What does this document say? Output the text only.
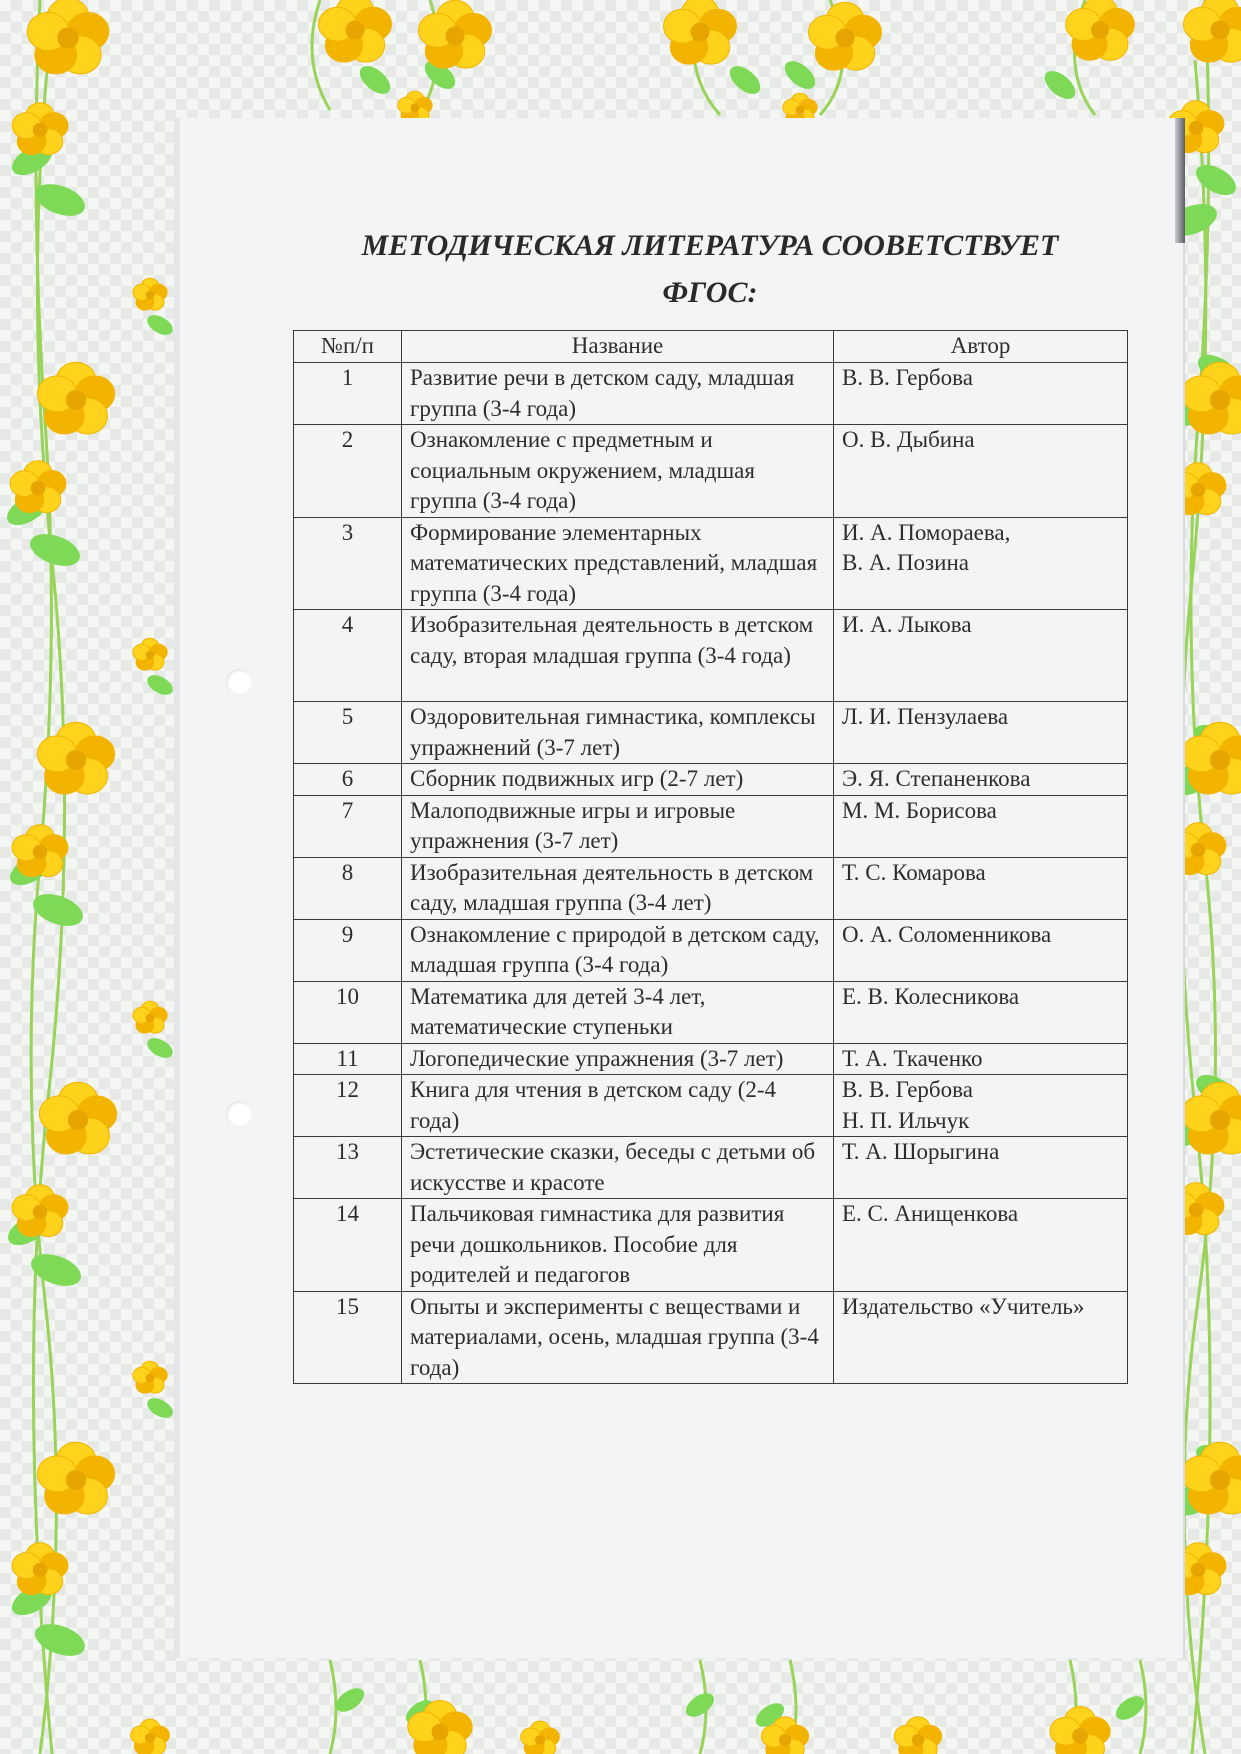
МЕТОДИЧЕСКАЯ ЛИТЕРАТУРА СООВЕТСТВУЕТ
ФГОС:
№п/п	Название	Автор
1	Развитие речи в детском саду, младшая группа (3-4 года)	В. В. Гербова
2	Ознакомление с предметным и социальным окружением, младшая группа (3-4 года)	О. В. Дыбина
3	Формирование элементарных математических представлений, младшая группа (3-4 года)	И. А. Помораева,
В. А. Позина
4	Изобразительная деятельность в детском саду, вторая младшая группа (3-4 года)	И. А. Лыкова
5	Оздоровительная гимнастика, комплексы упражнений (3-7 лет)	Л. И. Пензулаева
6	Сборник подвижных игр (2-7 лет)	Э. Я. Степаненкова
7	Малоподвижные игры и игровые упражнения (3-7 лет)	М. М. Борисова
8	Изобразительная деятельность в детском саду, младшая группа (3-4 лет)	Т. С. Комарова
9	Ознакомление с природой в детском саду, младшая группа (3-4 года)	О. А. Соломенникова
10	Математика для детей 3-4 лет, математические ступеньки	Е. В. Колесникова
11	Логопедические упражнения (3-7 лет)	Т. А. Ткаченко
12	Книга для чтения в детском саду (2-4 года)	В. В. Гербова
Н. П. Ильчук
13	Эстетические сказки, беседы с детьми об искусстве и красоте	Т. А. Шорыгина
14	Пальчиковая гимнастика для развития речи дошкольников. Пособие для родителей и педагогов	Е. С. Анищенкова
15	Опыты и эксперименты с веществами и материалами, осень, младшая группа (3-4 года)	Издательство «Учитель»
